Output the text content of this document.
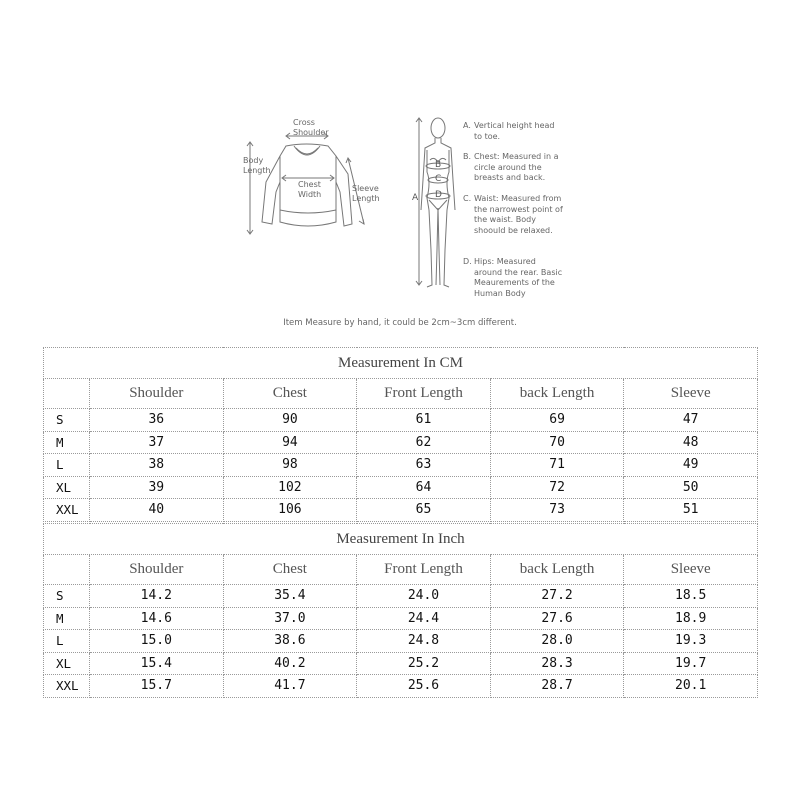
Cross
Shoulder
Body
Length
Chest
Width
Sleeve
Length	A
B
C
D
A. Vertical height head to toe.
B. Chest: Measured in a circle around the breasts and back.
C. Waist: Measured from the narrowest point of the waist. Body shoould be relaxed.
D. Hips: Measured around the rear. Basic Meaurements of the Human Body
Item Measure by hand, it could be 2cm~3cm different.
Measurement In CM					
	Shoulder	Chest	Front Length	back Length	Sleeve
S	36	90	61	69	47
M	37	94	62	70	48
L	38	98	63	71	49
XL	39	102	64	72	50
XXL	40	106	65	73	51
Measurement In Inch					
	Shoulder	Chest	Front Length	back Length	Sleeve
S	14.2	35.4	24.0	27.2	18.5
M	14.6	37.0	24.4	27.6	18.9
L	15.0	38.6	24.8	28.0	19.3
XL	15.4	40.2	25.2	28.3	19.7
XXL	15.7	41.7	25.6	28.7	20.1
